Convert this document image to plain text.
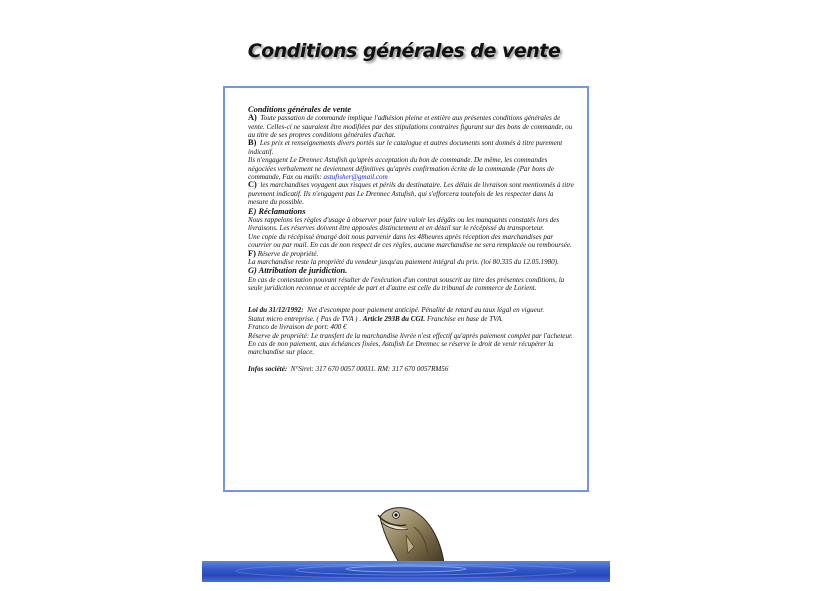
Conditions générales de vente

Conditions générales de vente

A) Toute passation de commande implique l'adhésion pleine et entière aux présentes conditions générales de vente. Celles-ci ne sauraient être modifiées par des stipulations contraires figurant sur des bons de commande, ou au titre de ses propres conditions générales d'achat.

B) Les prix et renseignements divers portés sur le catalogue et autres documents sont donnés à titre purement indicatif.

Ils n'engagent Le Drennec Astufish qu'après acceptation du bon de commande. De même, les commandes négociées verbalement ne deviennent définitives qu'après confirmation écrite de la commande (Par bons de commande, Fax ou mails: astufisher@gmail.com

C) les marchandises voyagent aux risques et périls du destinataire. Les délais de livraison sont mentionnés à titre purement indicatif. Ils n'engagent pas Le Drennec Astufish, qui s'efforcera toutefois de les respecter dans la mesure du possible.

E) Réclamations

Nous rappelons les règles d'usage à observer pour faire valoir les dégâts ou les manquants constatés lors des livraisons. Les réserves doivent être apposées distinctement et en détail sur le récépissé du transporteur.

Une copie du récépissé émargé doit nous parvenir dans les 48heures après réception des marchandises par courrier ou par mail. En cas de non respect de ces règles, aucune marchandise ne sera remplacée ou remboursée.

F) Réserve de propriété.

La marchandise reste la propriété du vendeur jusqu'au paiement intégral du prix. (loi 80.335 du 12.05.1980).

G) Attribution de juridiction.

En cas de contestation pouvant résulter de l'exécution d'un contrat souscrit au titre des présentes conditions, la seule juridiction reconnue et acceptée de part et d'autre est celle du tribunal de commerce de Lorient.

Loi du 31/12/1992: Net d'escompte pour paiement anticipé. Pénalité de retard au taux légal en vigueur.

Statut micro entreprise. ( Pas de TVA ) . Article 293B du CGI. Franchise en base de TVA.

Franco de livraison de port: 400 €

Réserve de propriété: Le transfert de la marchandise livrée n'est effectif qu'après paiement complet par l'acheteur.

En cas de non paiement, aux échéances fixées, Astufish Le Drennec se réserve le droit de venir récupérer la marchandise sur place.

Infos société: N°Siret: 317 670 0057 00031. RM: 317 670 0057RM56
